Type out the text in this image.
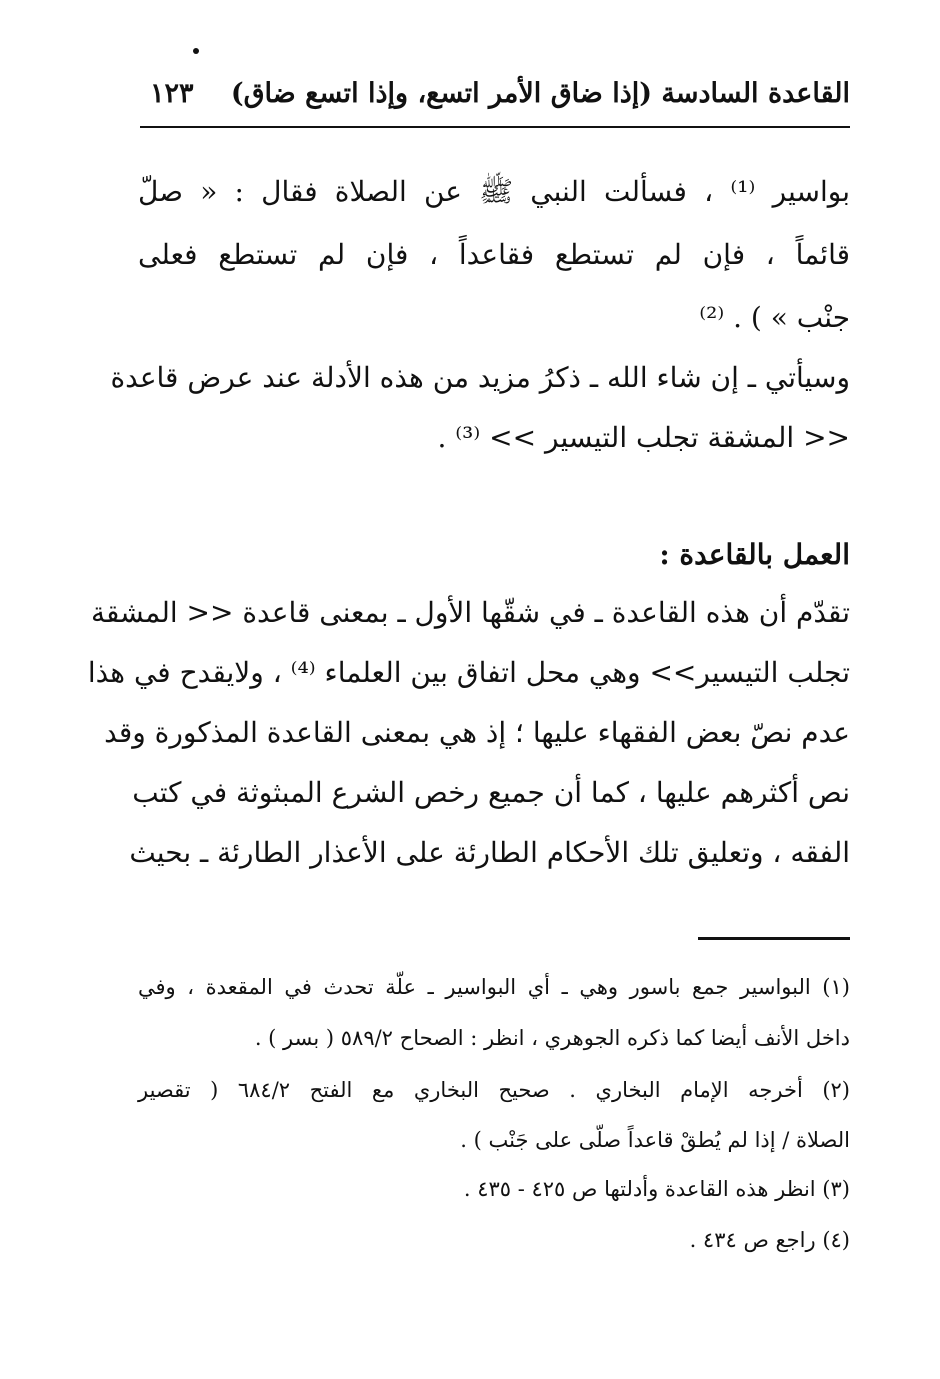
القاعدة السادسة (إذا ضاق الأمر اتسع، وإذا اتسع ضاق)
١٢٣
بواسير ⁽¹⁾ ، فسألت النبي ﷺ عن الصلاة فقال : « صلّ
قائماً ، فإن لم تستطع فقاعداً ، فإن لم تستطع فعلى
جنْب » ) . ⁽²⁾
وسيأتي ـ إن شاء الله ـ ذكرُ مزيد من هذه الأدلة عند عرض قاعدة
<< المشقة تجلب التيسير >> ⁽³⁾ .
العمل بالقاعدة :
تقدّم أن هذه القاعدة ـ في شقّها الأول ـ بمعنى قاعدة << المشقة
تجلب التيسير>> وهي محل اتفاق بين العلماء ⁽⁴⁾ ، ولايقدح في هذا
عدم نصّ بعض الفقهاء عليها ؛ إذ هي بمعنى القاعدة المذكورة وقد
نص أكثرهم عليها ، كما أن جميع رخص الشرع المبثوثة في كتب
الفقه ، وتعليق تلك الأحكام الطارئة على الأعذار الطارئة ـ بحيث
(١) البواسير جمع باسور وهي ـ أي البواسير ـ علّة تحدث في المقعدة ، وفي
داخل الأنف أيضا كما ذكره الجوهري ، انظر : الصحاح ٥٨٩/٢ ( بسر ) .
(٢) أخرجه الإمام البخاري . صحيح البخاري مع الفتح ٦٨٤/٢ ( تقصير
الصلاة / إذا لم يُطقْ قاعداً صلّى على جَنْب ) .
(٣) انظر هذه القاعدة وأدلتها ص ٤٢٥ - ٤٣٥ .
(٤) راجع ص ٤٣٤ .
